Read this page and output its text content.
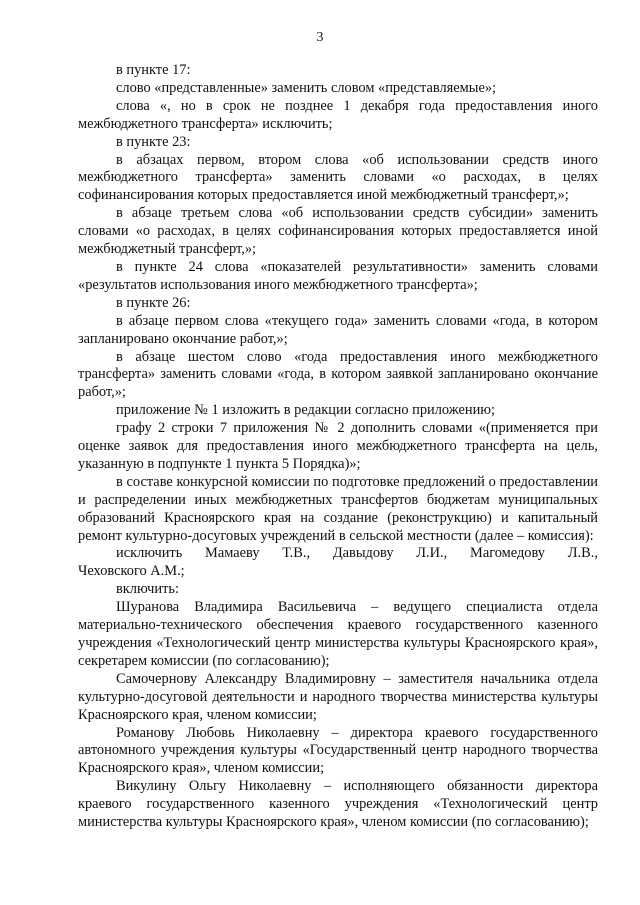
3

в пункте 17:

слово «представленные» заменить словом «представляемые»;

слова «, но в срок не позднее 1 декабря года предоставления иного межбюджетного трансферта» исключить;

в пункте 23:

в абзацах первом, втором слова «об использовании средств иного межбюджетного трансферта» заменить словами «о расходах, в целях софинансирования которых предоставляется иной межбюджетный трансферт,»;

в абзаце третьем слова «об использовании средств субсидии» заменить словами «о расходах, в целях софинансирования которых предоставляется иной межбюджетный трансферт,»;

в пункте 24 слова «показателей результативности» заменить словами «результатов использования иного межбюджетного трансферта»;

в пункте 26:

в абзаце первом слова «текущего года» заменить словами «года, в котором запланировано окончание работ,»;

в абзаце шестом слово «года предоставления иного межбюджетного трансферта» заменить словами «года, в котором заявкой запланировано окончание работ,»;

приложение № 1 изложить в редакции согласно приложению;

графу 2 строки 7 приложения № 2 дополнить словами «(применяется при оценке заявок для предоставления иного межбюджетного трансферта на цель, указанную в подпункте 1 пункта 5 Порядка)»;

в составе конкурсной комиссии по подготовке предложений о предоставлении и распределении иных межбюджетных трансфертов бюджетам муниципальных образований Красноярского края на создание (реконструкцию) и капитальный ремонт культурно-досуговых учреждений в сельской местности (далее – комиссия):

исключить Мамаеву Т.В., Давыдову Л.И., Магомедову Л.В.,

Чеховского А.М.;

включить:

Шуранова Владимира Васильевича – ведущего специалиста отдела материально-технического обеспечения краевого государственного казенного учреждения «Технологический центр министерства культуры Красноярского края», секретарем комиссии (по согласованию);

Самочернову Александру Владимировну – заместителя начальника отдела культурно-досуговой деятельности и народного творчества министерства культуры Красноярского края, членом комиссии;

Романову Любовь Николаевну – директора краевого государственного автономного учреждения культуры «Государственный центр народного творчества Красноярского края», членом комиссии;

Викулину Ольгу Николаевну – исполняющего обязанности директора краевого государственного казенного учреждения «Технологический центр министерства культуры Красноярского края», членом комиссии (по согласованию);
